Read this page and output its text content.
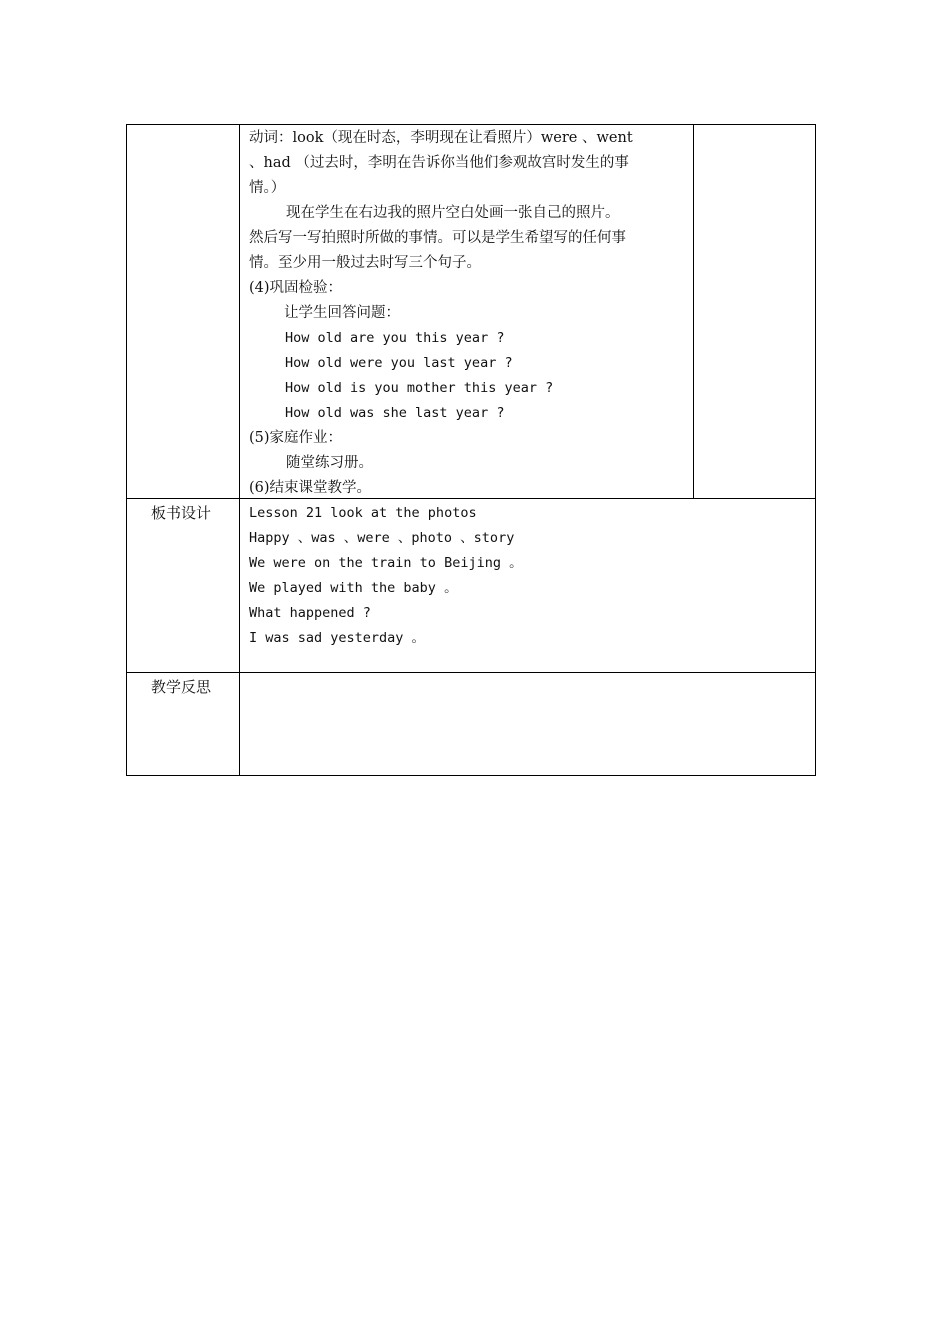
动词：look（现在时态，李明现在让看照片）were 、went
、had （过去时，李明在告诉你当他们参观故宫时发生的事
情。）
现在学生在右边我的照片空白处画一张自己的照片。
然后写一写拍照时所做的事情。可以是学生希望写的任何事
情。至少用一般过去时写三个句子。
(4)巩固检验：
让学生回答问题：
How old are you this year ?
How old were you last year ?
How old is you mother this year ?
How old was she last year ?
(5)家庭作业：
随堂练习册。
(6)结束课堂教学。
板书设计	Lesson 21 look at the photos
Happy 、was 、were 、photo 、story
We were on the train to Beijing 。
We played with the baby 。
What happened ?
I was sad yesterday 。
教学反思
